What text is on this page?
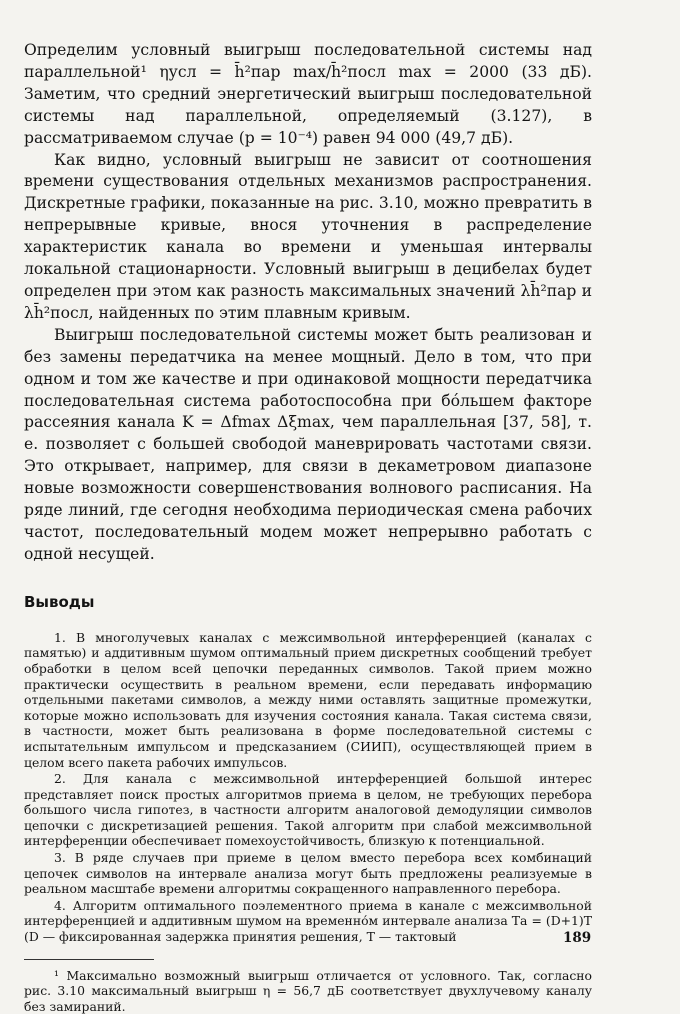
Определим условный выигрыш последовательной системы над параллельной¹ ηусл = h̄²пар max/h̄²посл max = 2000 (33 дБ). Заметим, что средний энергетический выигрыш последовательной системы над параллельной, определяемый (3.127), в рассматриваемом случае (p = 10⁻⁴) равен 94 000 (49,7 дБ).

Как видно, условный выигрыш не зависит от соотношения времени существования отдельных механизмов распространения. Дискретные графики, показанные на рис. 3.10, можно превратить в непрерывные кривые, внося уточнения в распределение характеристик канала во времени и уменьшая интервалы локальной стационарности. Условный выигрыш в децибелах будет определен при этом как разность максимальных значений λh̄²пар и λh̄²посл, найденных по этим плавным кривым.

Выигрыш последовательной системы может быть реализован и без замены передатчика на менее мощный. Дело в том, что при одном и том же качестве и при одинаковой мощности передатчика последовательная система работоспособна при бо́льшем факторе рассеяния канала K = Δfmax Δξmax, чем параллельная [37, 58], т. е. позволяет с большей свободой маневрировать частотами связи. Это открывает, например, для связи в декаметровом диапазоне новые возможности совершенствования волнового расписания. На ряде линий, где сегодня необходима периодическая смена рабочих частот, последовательный модем может непрерывно работать с одной несущей.

Выводы

1. В многолучевых каналах с межсимвольной интерференцией (каналах с памятью) и аддитивным шумом оптимальный прием дискретных сообщений требует обработки в целом всей цепочки переданных символов. Такой прием можно практически осуществить в реальном времени, если передавать информацию отдельными пакетами символов, а между ними оставлять защитные промежутки, которые можно использовать для изучения состояния канала. Такая система связи, в частности, может быть реализована в форме последовательной системы с испытательным импульсом и предсказанием (СИИП), осуществляющей прием в целом всего пакета рабочих импульсов.

2. Для канала с межсимвольной интерференцией большой интерес представляет поиск простых алгоритмов приема в целом, не требующих перебора большого числа гипотез, в частности алгоритм аналоговой демодуляции символов цепочки с дискретизацией решения. Такой алгоритм при слабой межсимвольной интерференции обеспечивает помехоустойчивость, близкую к потенциальной.

3. В ряде случаев при приеме в целом вместо перебора всех комбинаций цепочек символов на интервале анализа могут быть предложены реализуемые в реальном масштабе времени алгоритмы сокращенного направленного перебора.

4. Алгоритм оптимального поэлементного приема в канале с межсимвольной интерференцией и аддитивным шумом на временно́м интервале анализа Tа = (D+1)T (D — фиксированная задержка принятия решения, T — тактовый

¹ Максимально возможный выигрыш отличается от условного. Так, согласно рис. 3.10 максимальный выигрыш η = 56,7 дБ соответствует двухлучевому каналу без замираний.

189
